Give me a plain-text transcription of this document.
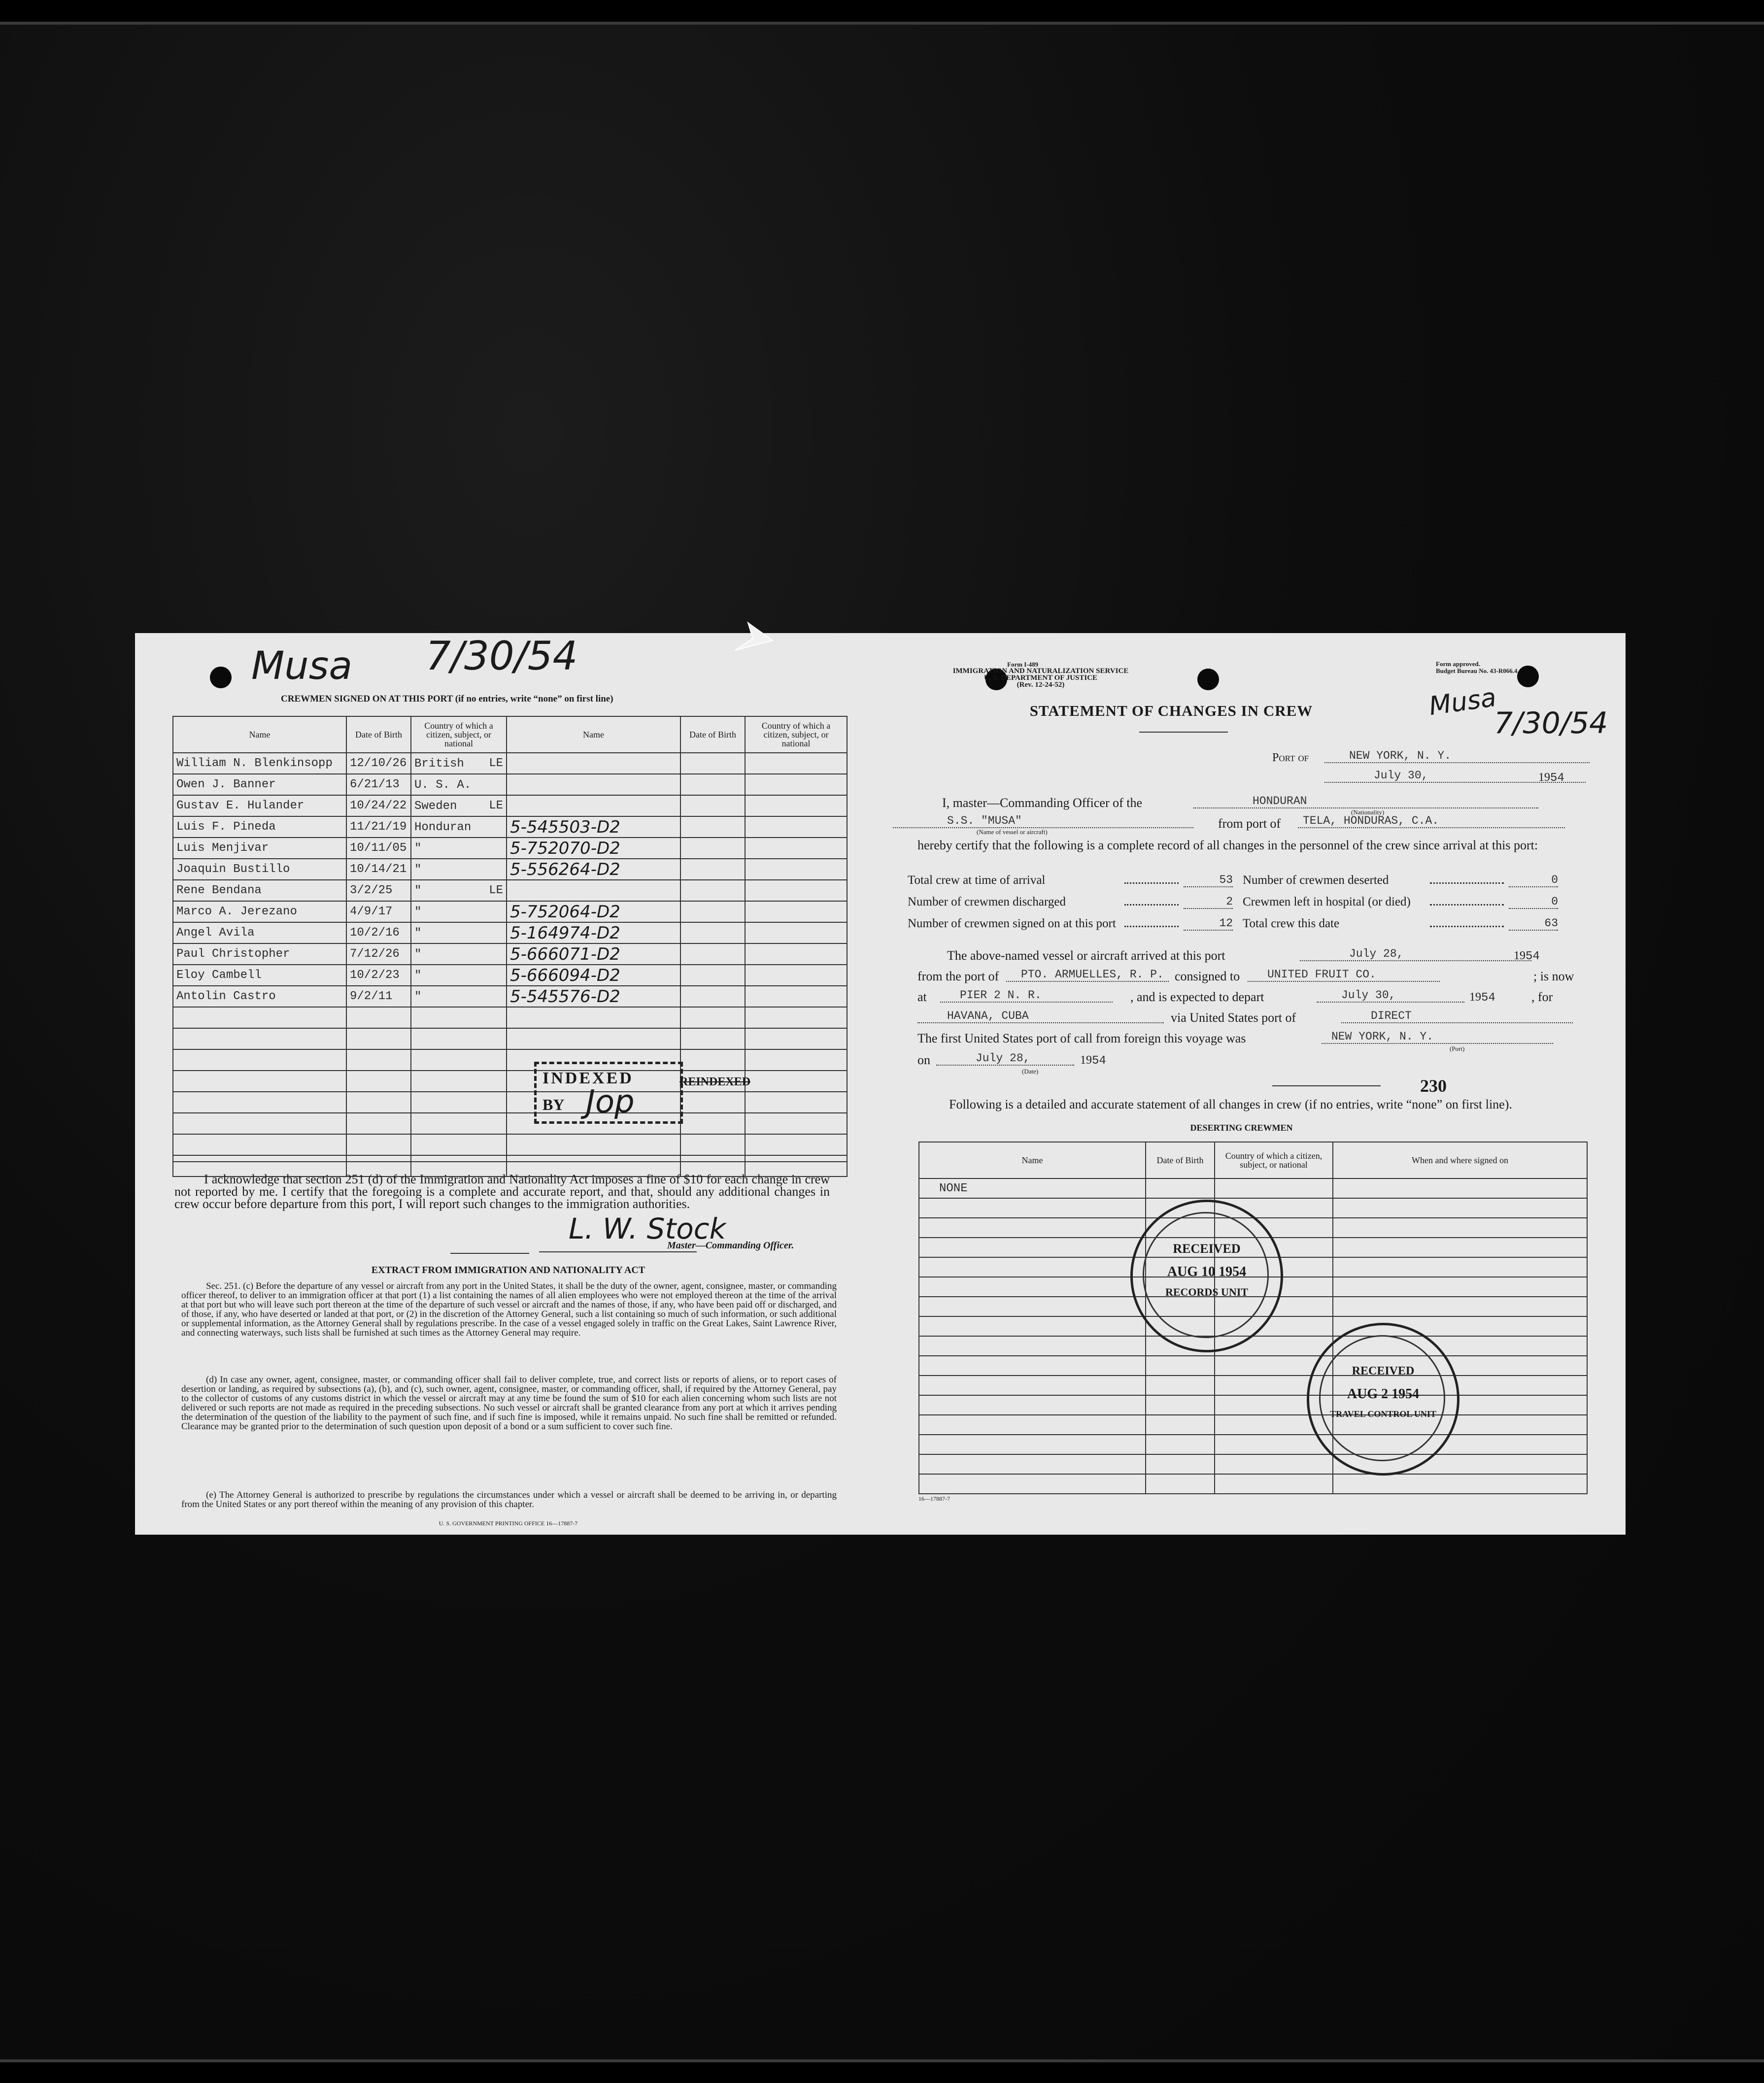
Musa 7/30/54
CREWMEN SIGNED ON AT THIS PORT (if no entries, write “none” on first line)
Name	Date of Birth	Country of which a citizen, subject, or national	Name	Date of Birth	Country of which a citizen, subject, or national
William N. Blenkinsopp	12/10/26	British LE			

Owen J. Banner	6/21/13	U. S. A.

Gustav E. Hulander	10/24/22	Sweden LE			

Luis F. Pineda	11/21/19	Honduran	5-545503-D2		
Luis Menjivar	10/11/05	"	5-752070-D2		
Joaquin Bustillo	10/14/21	"	5-556264-D2		
Rene Bendana	3/2/25	" LE			

Marco A. Jerezano	4/9/17	"	5-752064-D2		
Angel Avila	10/2/16	"	5-164974-D2		
Paul Christopher	7/12/26	"	5-666071-D2		
Eloy Cambell	10/2/23	"	5-666094-D2		
Antolin Castro	9/2/11	"	5-545576-D2		

INDEXED
BY Jop
REINDEXED
I acknowledge that section 251 (d) of the Immigration and Nationality Act imposes a fine of $10 for each change in crew not reported by me. I certify that the foregoing is a complete and accurate report, and that, should any additional changes in crew occur before departure from this port, I will report such changes to the immigration authorities.
L. W. Stock
Master—Commanding Officer.
EXTRACT FROM IMMIGRATION AND NATIONALITY ACT
Sec. 251. (c) Before the departure of any vessel or aircraft from any port in the United States, it shall be the duty of the owner, agent, consignee, master, or commanding officer thereof, to deliver to an immigration officer at that port (1) a list containing the names of all alien employees who were not employed thereon at the time of the arrival at that port but who will leave such port thereon at the time of the departure of such vessel or aircraft and the names of those, if any, who have been paid off or discharged, and of those, if any, who have deserted or landed at that port, or (2) in the discretion of the Attorney General, such a list containing so much of such information, or such additional or supplemental information, as the Attorney General shall by regulations prescribe. In the case of a vessel engaged solely in traffic on the Great Lakes, Saint Lawrence River, and connecting waterways, such lists shall be furnished at such times as the Attorney General may require.
(d) In case any owner, agent, consignee, master, or commanding officer shall fail to deliver complete, true, and correct lists or reports of aliens, or to report cases of desertion or landing, as required by subsections (a), (b), and (c), such owner, agent, consignee, master, or commanding officer, shall, if required by the Attorney General, pay to the collector of customs of any customs district in which the vessel or aircraft may at any time be found the sum of $10 for each alien concerning whom such lists are not delivered or such reports are not made as required in the preceding subsections. No such vessel or aircraft shall be granted clearance from any port at which it arrives pending the determination of the question of the liability to the payment of such fine, and if such fine is imposed, while it remains unpaid. No such fine shall be remitted or refunded. Clearance may be granted prior to the determination of such question upon deposit of a bond or a sum sufficient to cover such fine.
(e) The Attorney General is authorized to prescribe by regulations the circumstances under which a vessel or aircraft shall be deemed to be arriving in, or departing from the United States or any port thereof within the meaning of any provision of this chapter.
U. S. GOVERNMENT PRINTING OFFICE 16—17887-7
Form I-489
IMMIGRATION AND NATURALIZATION SERVICE
U. S. DEPARTMENT OF JUSTICE
(Rev. 12-24-52)
Form approved.
Budget Bureau No. 43-R066.4.
STATEMENT OF CHANGES IN CREW	Musa
7/30/54
Port of	NEW YORK, N. Y.
July 30,	1954
I, master—Commanding Officer of the	HONDURAN
(Nationality)
S.S. "MUSA"
(Name of vessel or aircraft)
from port of	TELA, HONDURAS, C.A.
hereby certify that the following is a complete record of all changes in the personnel of the crew since arrival at this port:
Total crew at time of arrival	53
Number of crewmen discharged	2
Number of crewmen signed on at this port	12
Number of crewmen deserted	0
Crewmen left in hospital (or died)	0
Total crew this date	63
The above-named vessel or aircraft arrived at this port	July 28,	1954
from the port of	PTO. ARMUELLES, R. P. consigned to	UNITED FRUIT CO.	; is now
at	PIER 2 N. R.	, and is expected to depart	July 30,	1954	, for
HAVANA, CUBA	via United States port of	DIRECT
The first United States port of call from foreign this voyage was	NEW YORK, N. Y.
(Port)
on	July 28,	1954
(Date)
230
Following is a detailed and accurate statement of all changes in crew (if no entries, write “none” on first line).
DESERTING CREWMEN
Name	Date of Birth	Country of which a citizen, subject, or national	When and where signed on
NONE			

RECEIVED
AUG 10 1954
RECORDS UNIT
RECEIVED
AUG 2 1954
TRAVEL CONTROL UNIT
16—17887-7
